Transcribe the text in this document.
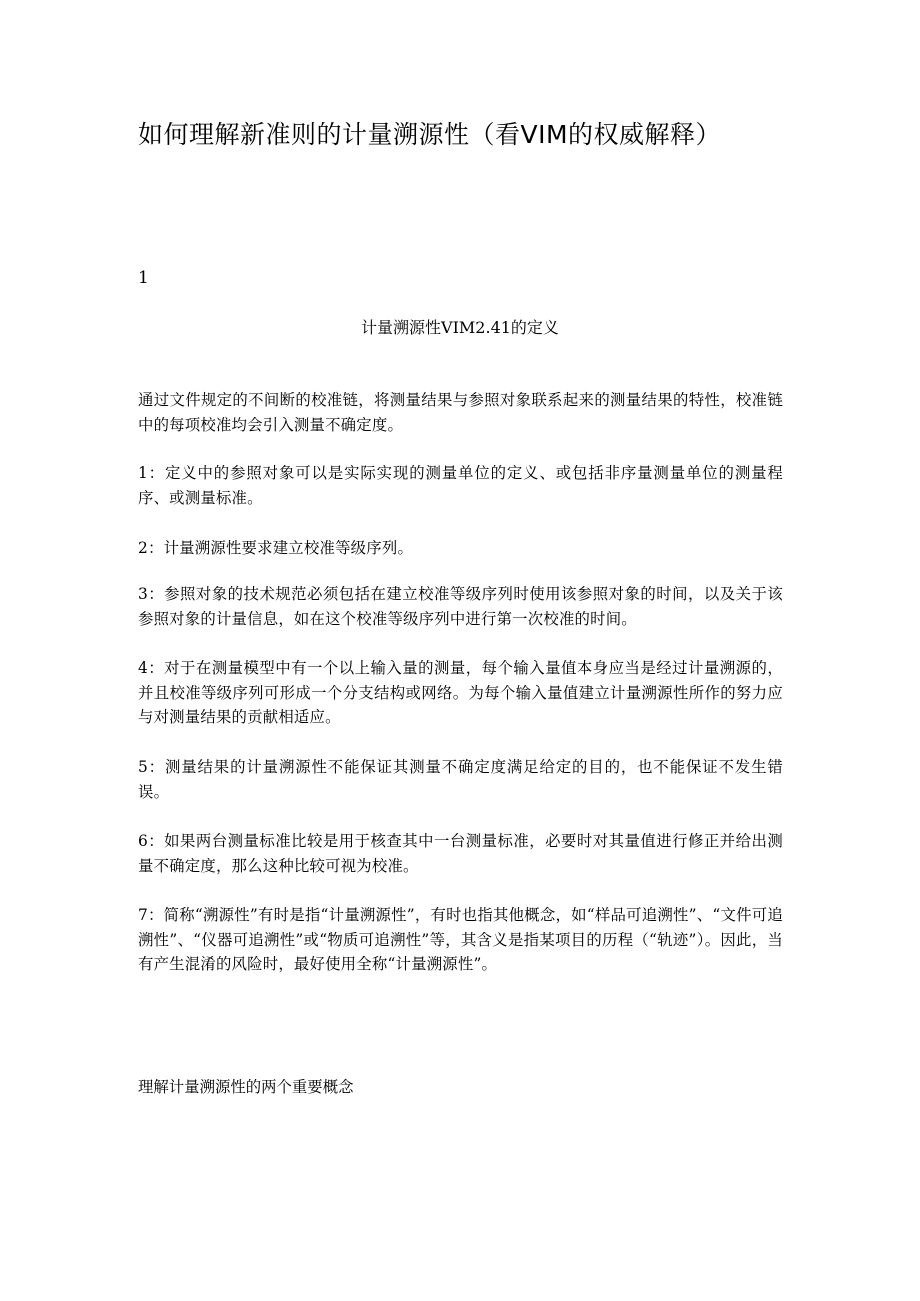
如何理解新准则的计量溯源性（看VIM的权威解释）
1
计量溯源性VIM2.41的定义
通过文件规定的不间断的校准链，将测量结果与参照对象联系起来的测量结果的特性，校准链中的每项校准均会引入测量不确定度。
1：定义中的参照对象可以是实际实现的测量单位的定义、或包括非序量测量单位的测量程序、或测量标准。
2：计量溯源性要求建立校准等级序列。
3：参照对象的技术规范必须包括在建立校准等级序列时使用该参照对象的时间，以及关于该参照对象的计量信息，如在这个校准等级序列中进行第一次校准的时间。
4：对于在测量模型中有一个以上输入量的测量，每个输入量值本身应当是经过计量溯源的，并且校准等级序列可形成一个分支结构或网络。为每个输入量值建立计量溯源性所作的努力应与对测量结果的贡献相适应。
5：测量结果的计量溯源性不能保证其测量不确定度满足给定的目的，也不能保证不发生错误。
6：如果两台测量标准比较是用于核查其中一台测量标准，必要时对其量值进行修正并给出测量不确定度，那么这种比较可视为校准。
7：简称“溯源性”有时是指“计量溯源性”，有时也指其他概念，如“样品可追溯性”、“文件可追溯性”、“仪器可追溯性”或“物质可追溯性”等，其含义是指某项目的历程（“轨迹”）。因此，当有产生混淆的风险时，最好使用全称“计量溯源性”。
理解计量溯源性的两个重要概念
